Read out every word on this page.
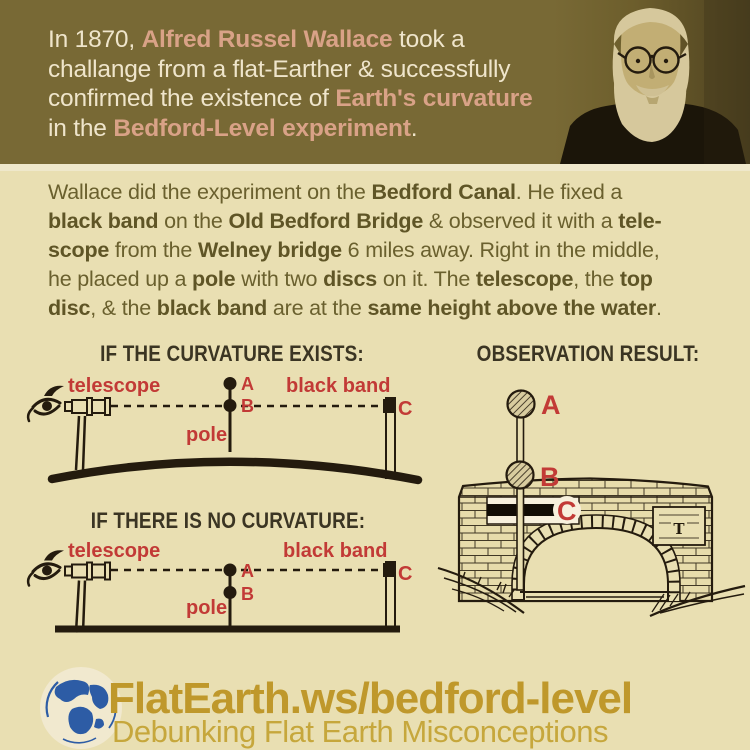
In 1870, Alfred Russel Wallace took a
challange from a flat-Earther & successfully
confirmed the existence of Earth's curvature
in the Bedford-Level experiment.

Wallace did the experiment on the Bedford Canal. He fixed a
black band on the Old Bedford Bridge & observed it with a tele-
scope from the Welney bridge 6 miles away. Right in the middle,
he placed up a pole with two discs on it. The telescope, the top
disc, & the black band are at the same height above the water.

IF THE CURVATURE EXISTS:	OBSERVATION RESULT:
IF THERE IS NO CURVATURE:
telescope	black band
A
B
pole
C
telescope	black band
A
B
pole
C
T
A
B
C

FlatEarth.ws/bedford-level

Debunking Flat Earth Misconceptions
